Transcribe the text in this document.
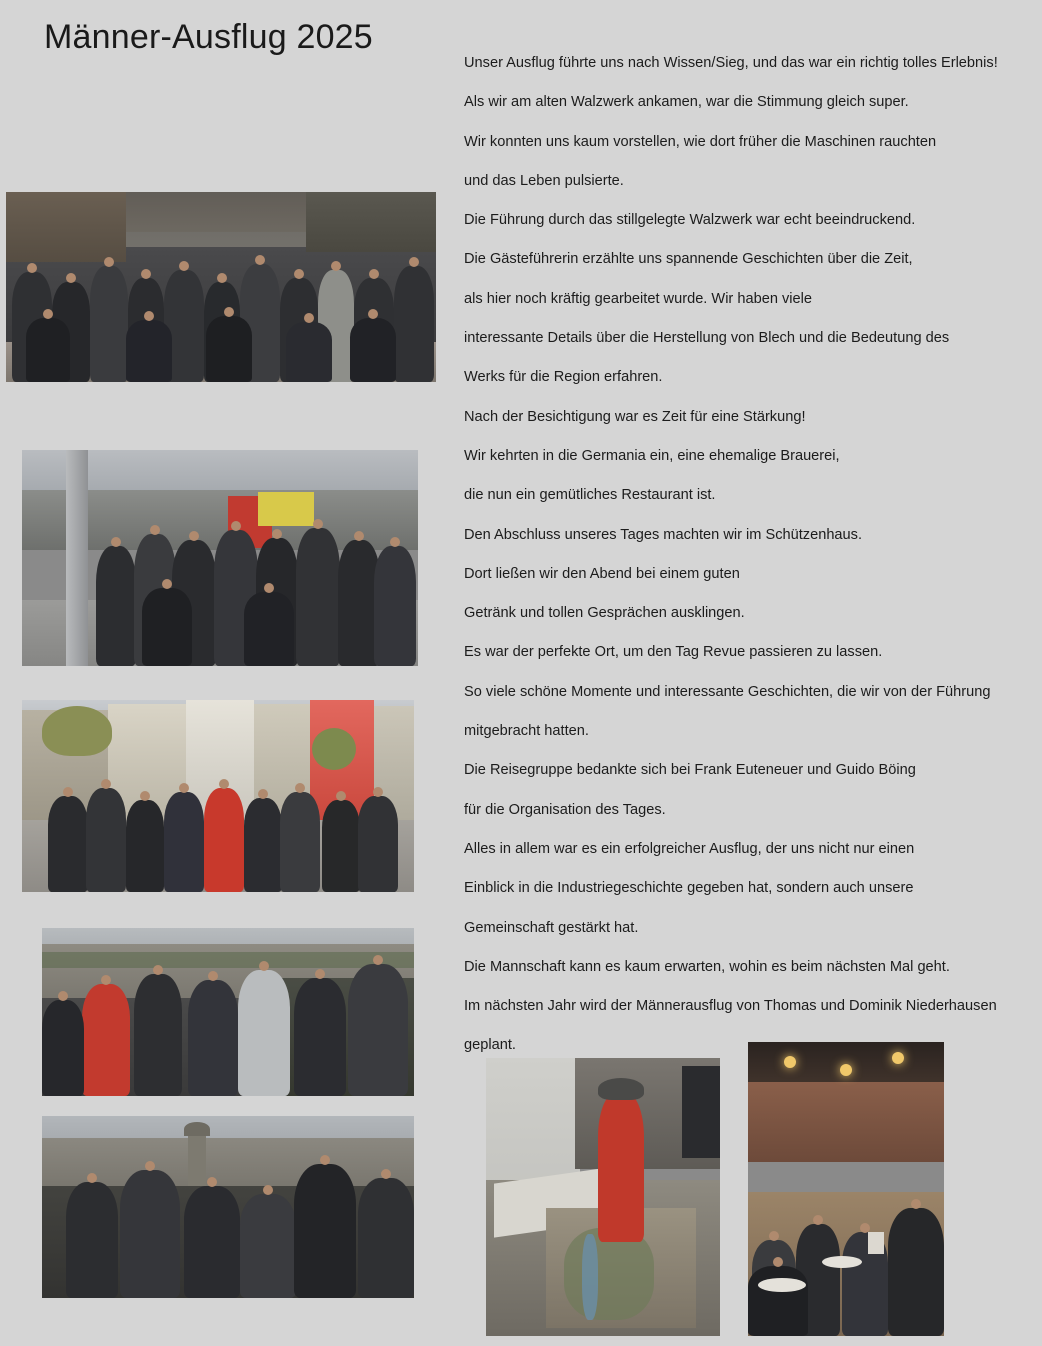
Männer-Ausflug 2025

Unser Ausflug führte uns nach Wissen/Sieg, und das war ein richtig tolles Erlebnis!

Als wir am alten Walzwerk ankamen, war die Stimmung gleich super.

Wir konnten uns kaum vorstellen, wie dort früher die Maschinen rauchten

und das Leben pulsierte.

Die Führung durch das stillgelegte Walzwerk war echt beeindruckend.

Die Gästeführerin erzählte uns spannende Geschichten über die Zeit,

als hier noch kräftig gearbeitet wurde. Wir haben viele

interessante Details über die Herstellung von Blech und die Bedeutung des

Werks für die Region erfahren.

Nach der Besichtigung war es Zeit für eine Stärkung!

Wir kehrten in die Germania ein, eine ehemalige Brauerei,

die nun ein gemütliches Restaurant ist.

Den Abschluss unseres Tages machten wir im Schützenhaus.

Dort ließen wir den Abend bei einem guten

Getränk und tollen Gesprächen ausklingen.

Es war der perfekte Ort, um den Tag Revue passieren zu lassen.

So viele schöne Momente und interessante Geschichten, die wir von der Führung

mitgebracht hatten.

Die Reisegruppe bedankte sich bei Frank Euteneuer und Guido Böing

für die Organisation des Tages.

Alles in allem war es ein erfolgreicher Ausflug, der uns nicht nur einen

Einblick in die Industriegeschichte gegeben hat, sondern auch unsere

Gemeinschaft gestärkt hat.

Die Mannschaft kann es kaum erwarten, wohin es beim nächsten Mal geht.

Im nächsten Jahr wird der Männerausflug von Thomas und Dominik Niederhausen

geplant.
